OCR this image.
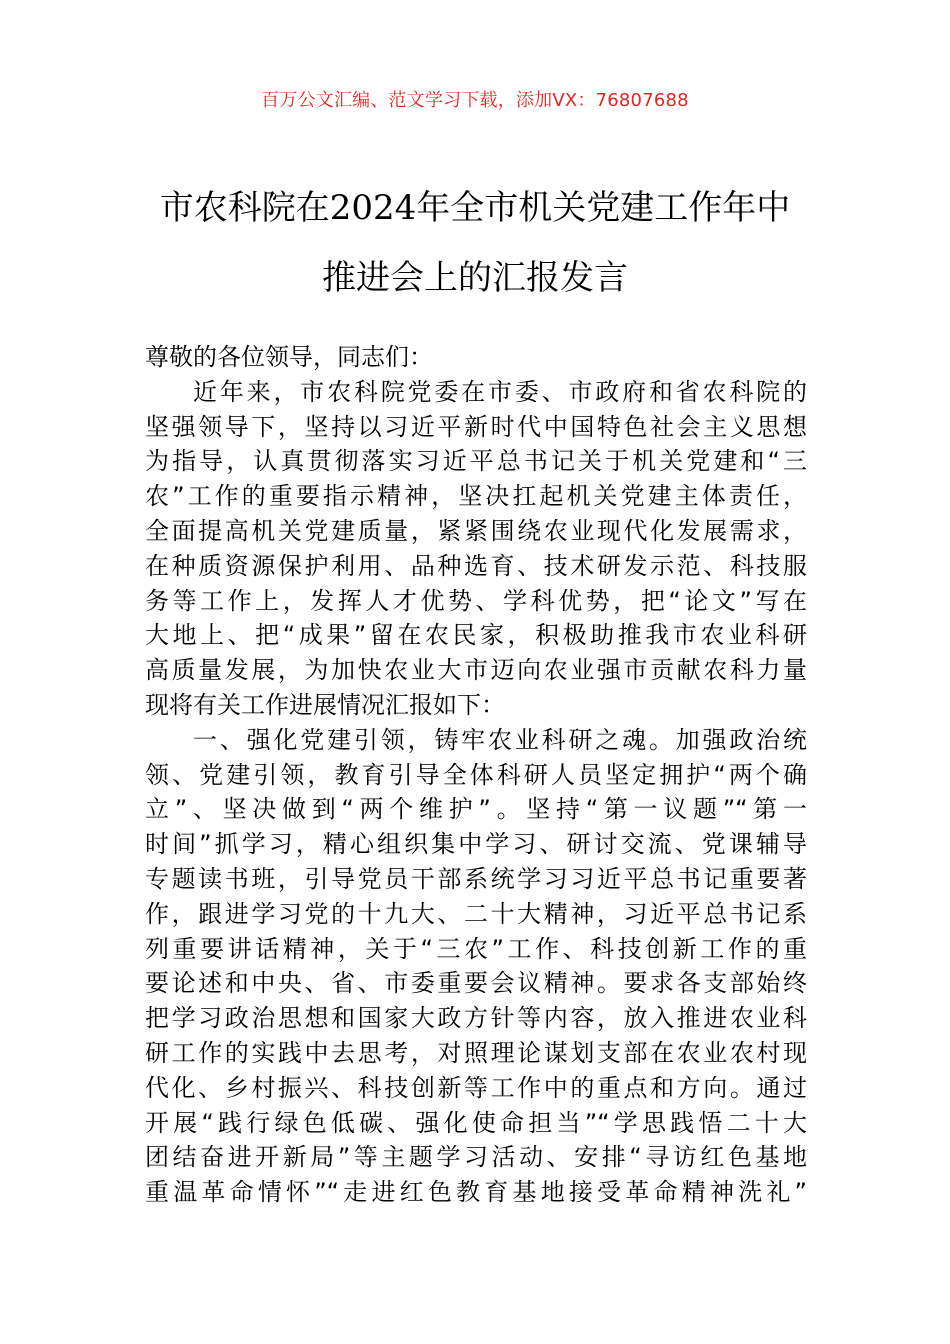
百万公文汇编、范文学习下载，添加VX：76807688
市农科院在2024年全市机关党建工作年中
推进会上的汇报发言
尊敬的各位领导，同志们：
近年来，市农科院党委在市委、市政府和省农科院的
坚强领导下，坚持以习近平新时代中国特色社会主义思想
为指导，认真贯彻落实习近平总书记关于机关党建和“三
农”工作的重要指示精神，坚决扛起机关党建主体责任，
全面提高机关党建质量，紧紧围绕农业现代化发展需求，
在种质资源保护利用、品种选育、技术研发示范、科技服
务等工作上，发挥人才优势、学科优势，把“论文”写在
大地上、把“成果”留在农民家，积极助推我市农业科研
高质量发展，为加快农业大市迈向农业强市贡献农科力量
现将有关工作进展情况汇报如下：
一、强化党建引领，铸牢农业科研之魂。加强政治统
领、党建引领，教育引导全体科研人员坚定拥护“两个确
立”、坚决做到“两个维护”。坚持“第一议题”“第一
时间”抓学习，精心组织集中学习、研讨交流、党课辅导
专题读书班，引导党员干部系统学习习近平总书记重要著
作，跟进学习党的十九大、二十大精神，习近平总书记系
列重要讲话精神，关于“三农”工作、科技创新工作的重
要论述和中央、省、市委重要会议精神。要求各支部始终
把学习政治思想和国家大政方针等内容，放入推进农业科
研工作的实践中去思考，对照理论谋划支部在农业农村现
代化、乡村振兴、科技创新等工作中的重点和方向。通过
开展“践行绿色低碳、强化使命担当”“学思践悟二十大
团结奋进开新局”等主题学习活动、安排“寻访红色基地
重温革命情怀”“走进红色教育基地接受革命精神洗礼”
